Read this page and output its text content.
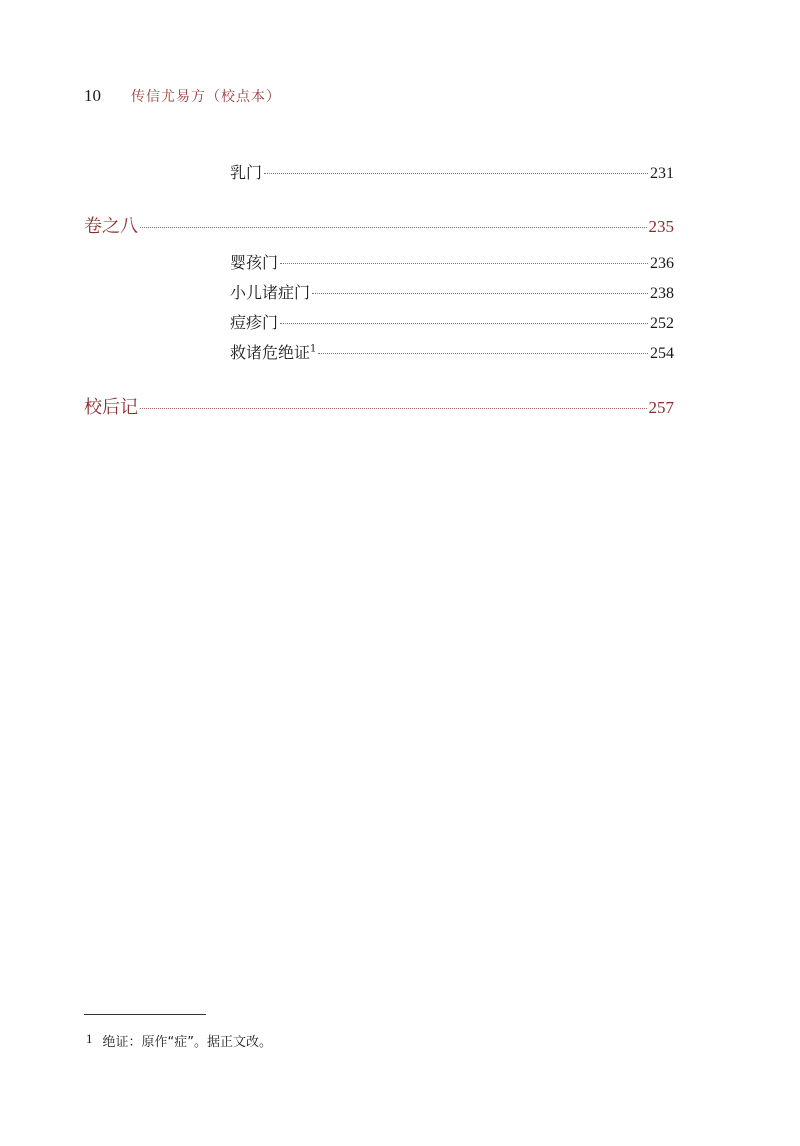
10 传信尤易方（校点本）
乳门	231
卷之八	235
婴孩门	236
小儿诸症门	238
痘疹门	252
救诸危绝证$^1$	254
校后记	257
1 绝证：原作“症”。据正文改。
